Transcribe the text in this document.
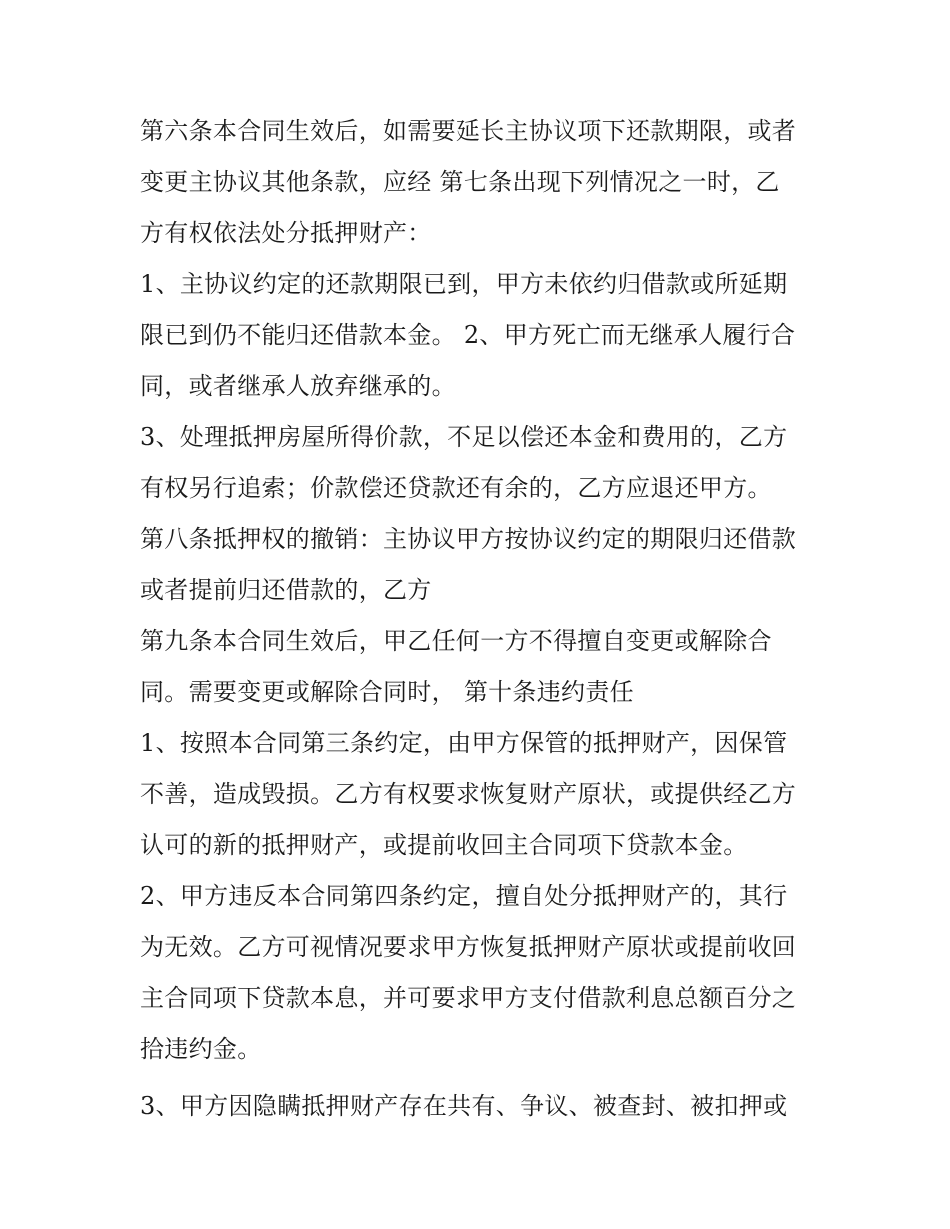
第六条本合同生效后，如需要延长主协议项下还款期限，或者
变更主协议其他条款，应经 第七条出现下列情况之一时，乙
方有权依法处分抵押财产：
1、主协议约定的还款期限已到，甲方未依约归借款或所延期
限已到仍不能归还借款本金。 2、甲方死亡而无继承人履行合
同，或者继承人放弃继承的。
3、处理抵押房屋所得价款，不足以偿还本金和费用的，乙方
有权另行追索；价款偿还贷款还有余的，乙方应退还甲方。
第八条抵押权的撤销：主协议甲方按协议约定的期限归还借款
或者提前归还借款的，乙方
第九条本合同生效后，甲乙任何一方不得擅自变更或解除合
同。需要变更或解除合同时， 第十条违约责任
1、按照本合同第三条约定，由甲方保管的抵押财产，因保管
不善，造成毁损。乙方有权要求恢复财产原状，或提供经乙方
认可的新的抵押财产，或提前收回主合同项下贷款本金。
2、甲方违反本合同第四条约定，擅自处分抵押财产的，其行
为无效。乙方可视情况要求甲方恢复抵押财产原状或提前收回
主合同项下贷款本息，并可要求甲方支付借款利息总额百分之
拾违约金。
3、甲方因隐瞒抵押财产存在共有、争议、被查封、被扣押或
